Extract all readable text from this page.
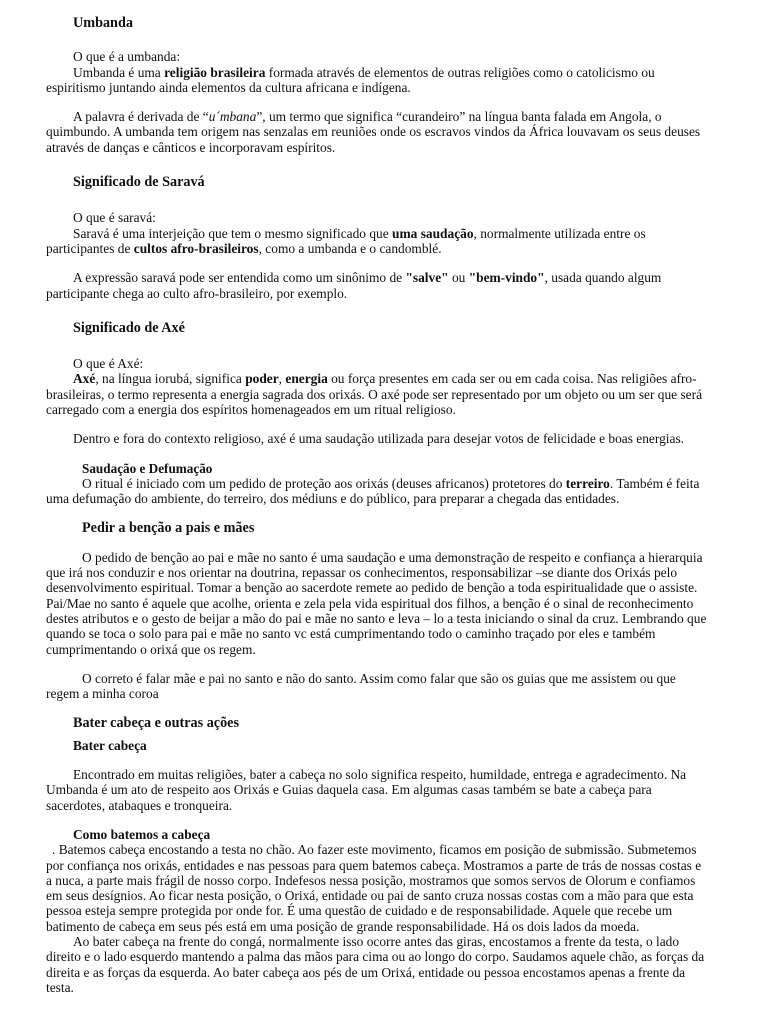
Umbanda

O que é a umbanda:

Umbanda é uma religião brasileira formada através de elementos de outras religiões como o catolicismo ou espiritismo juntando ainda elementos da cultura africana e indígena.

A palavra é derivada de “u´mbana”, um termo que significa “curandeiro” na língua banta falada em Angola, o quimbundo. A umbanda tem origem nas senzalas em reuniões onde os escravos vindos da África louvavam os seus deuses através de danças e cânticos e incorporavam espíritos.

Significado de Saravá

O que é saravá:

Saravá é uma interjeição que tem o mesmo significado que uma saudação, normalmente utilizada entre os participantes de cultos afro-brasileiros, como a umbanda e o candomblé.

A expressão saravá pode ser entendida como um sinônimo de "salve" ou "bem-vindo", usada quando algum participante chega ao culto afro-brasileiro, por exemplo.

Significado de Axé

O que é Axé:

Axé, na língua iorubá, significa poder, energia ou força presentes em cada ser ou em cada coisa. Nas religiões afro-brasileiras, o termo representa a energia sagrada dos orixás. O axé pode ser representado por um objeto ou um ser que será carregado com a energia dos espíritos homenageados em um ritual religioso.

Dentro e fora do contexto religioso, axé é uma saudação utilizada para desejar votos de felicidade e boas energias.

Saudação e Defumação

O ritual é iniciado com um pedido de proteção aos orixás (deuses africanos) protetores do terreiro. Também é feita uma defumação do ambiente, do terreiro, dos médiuns e do público, para preparar a chegada das entidades.

Pedir a benção a pais e mães

O pedido de benção ao pai e mãe no santo é uma saudação e uma demonstração de respeito e confiança a hierarquia que irá nos conduzir e nos orientar na doutrina, repassar os conhecimentos, responsabilizar –se diante dos Orixás pelo desenvolvimento espiritual. Tomar a benção ao sacerdote remete ao pedido de benção a toda espiritualidade que o assiste. Pai/Mae no santo é aquele que acolhe, orienta e zela pela vida espiritual dos filhos, a benção é o sinal de reconhecimento destes atributos e o gesto de beijar a mão do pai e mãe no santo e leva – lo a testa iniciando o sinal da cruz. Lembrando que quando se toca o solo para pai e mãe no santo vc está cumprimentando todo o caminho traçado por eles e também cumprimentando o orixá que os regem.

O correto é falar mãe e pai no santo e não do santo. Assim como falar que são os guias que me assistem ou que regem a minha coroa

Bater cabeça e outras ações

Bater cabeça

Encontrado em muitas religiões, bater a cabeça no solo significa respeito, humildade, entrega e agradecimento. Na Umbanda é um ato de respeito aos Orixás e Guias daquela casa. Em algumas casas também se bate a cabeça para sacerdotes, atabaques e tronqueira.

Como batemos a cabeça

. Batemos cabeça encostando a testa no chão. Ao fazer este movimento, ficamos em posição de submissão. Submetemos por confiança nos orixás, entidades e nas pessoas para quem batemos cabeça. Mostramos a parte de trás de nossas costas e a nuca, a parte mais frágil de nosso corpo. Indefesos nessa posição, mostramos que somos servos de Olorum e confiamos em seus desígnios. Ao ficar nesta posição, o Orixá, entidade ou pai de santo cruza nossas costas com a mão para que esta pessoa esteja sempre protegida por onde for. É uma questão de cuidado e de responsabilidade. Aquele que recebe um batimento de cabeça em seus pés está em uma posição de grande responsabilidade. Há os dois lados da moeda.

Ao bater cabeça na frente do congá, normalmente isso ocorre antes das giras, encostamos a frente da testa, o lado direito e o lado esquerdo mantendo a palma das mãos para cima ou ao longo do corpo. Saudamos aquele chão, as forças da direita e as forças da esquerda. Ao bater cabeça aos pés de um Orixá, entidade ou pessoa encostamos apenas a frente da testa.
